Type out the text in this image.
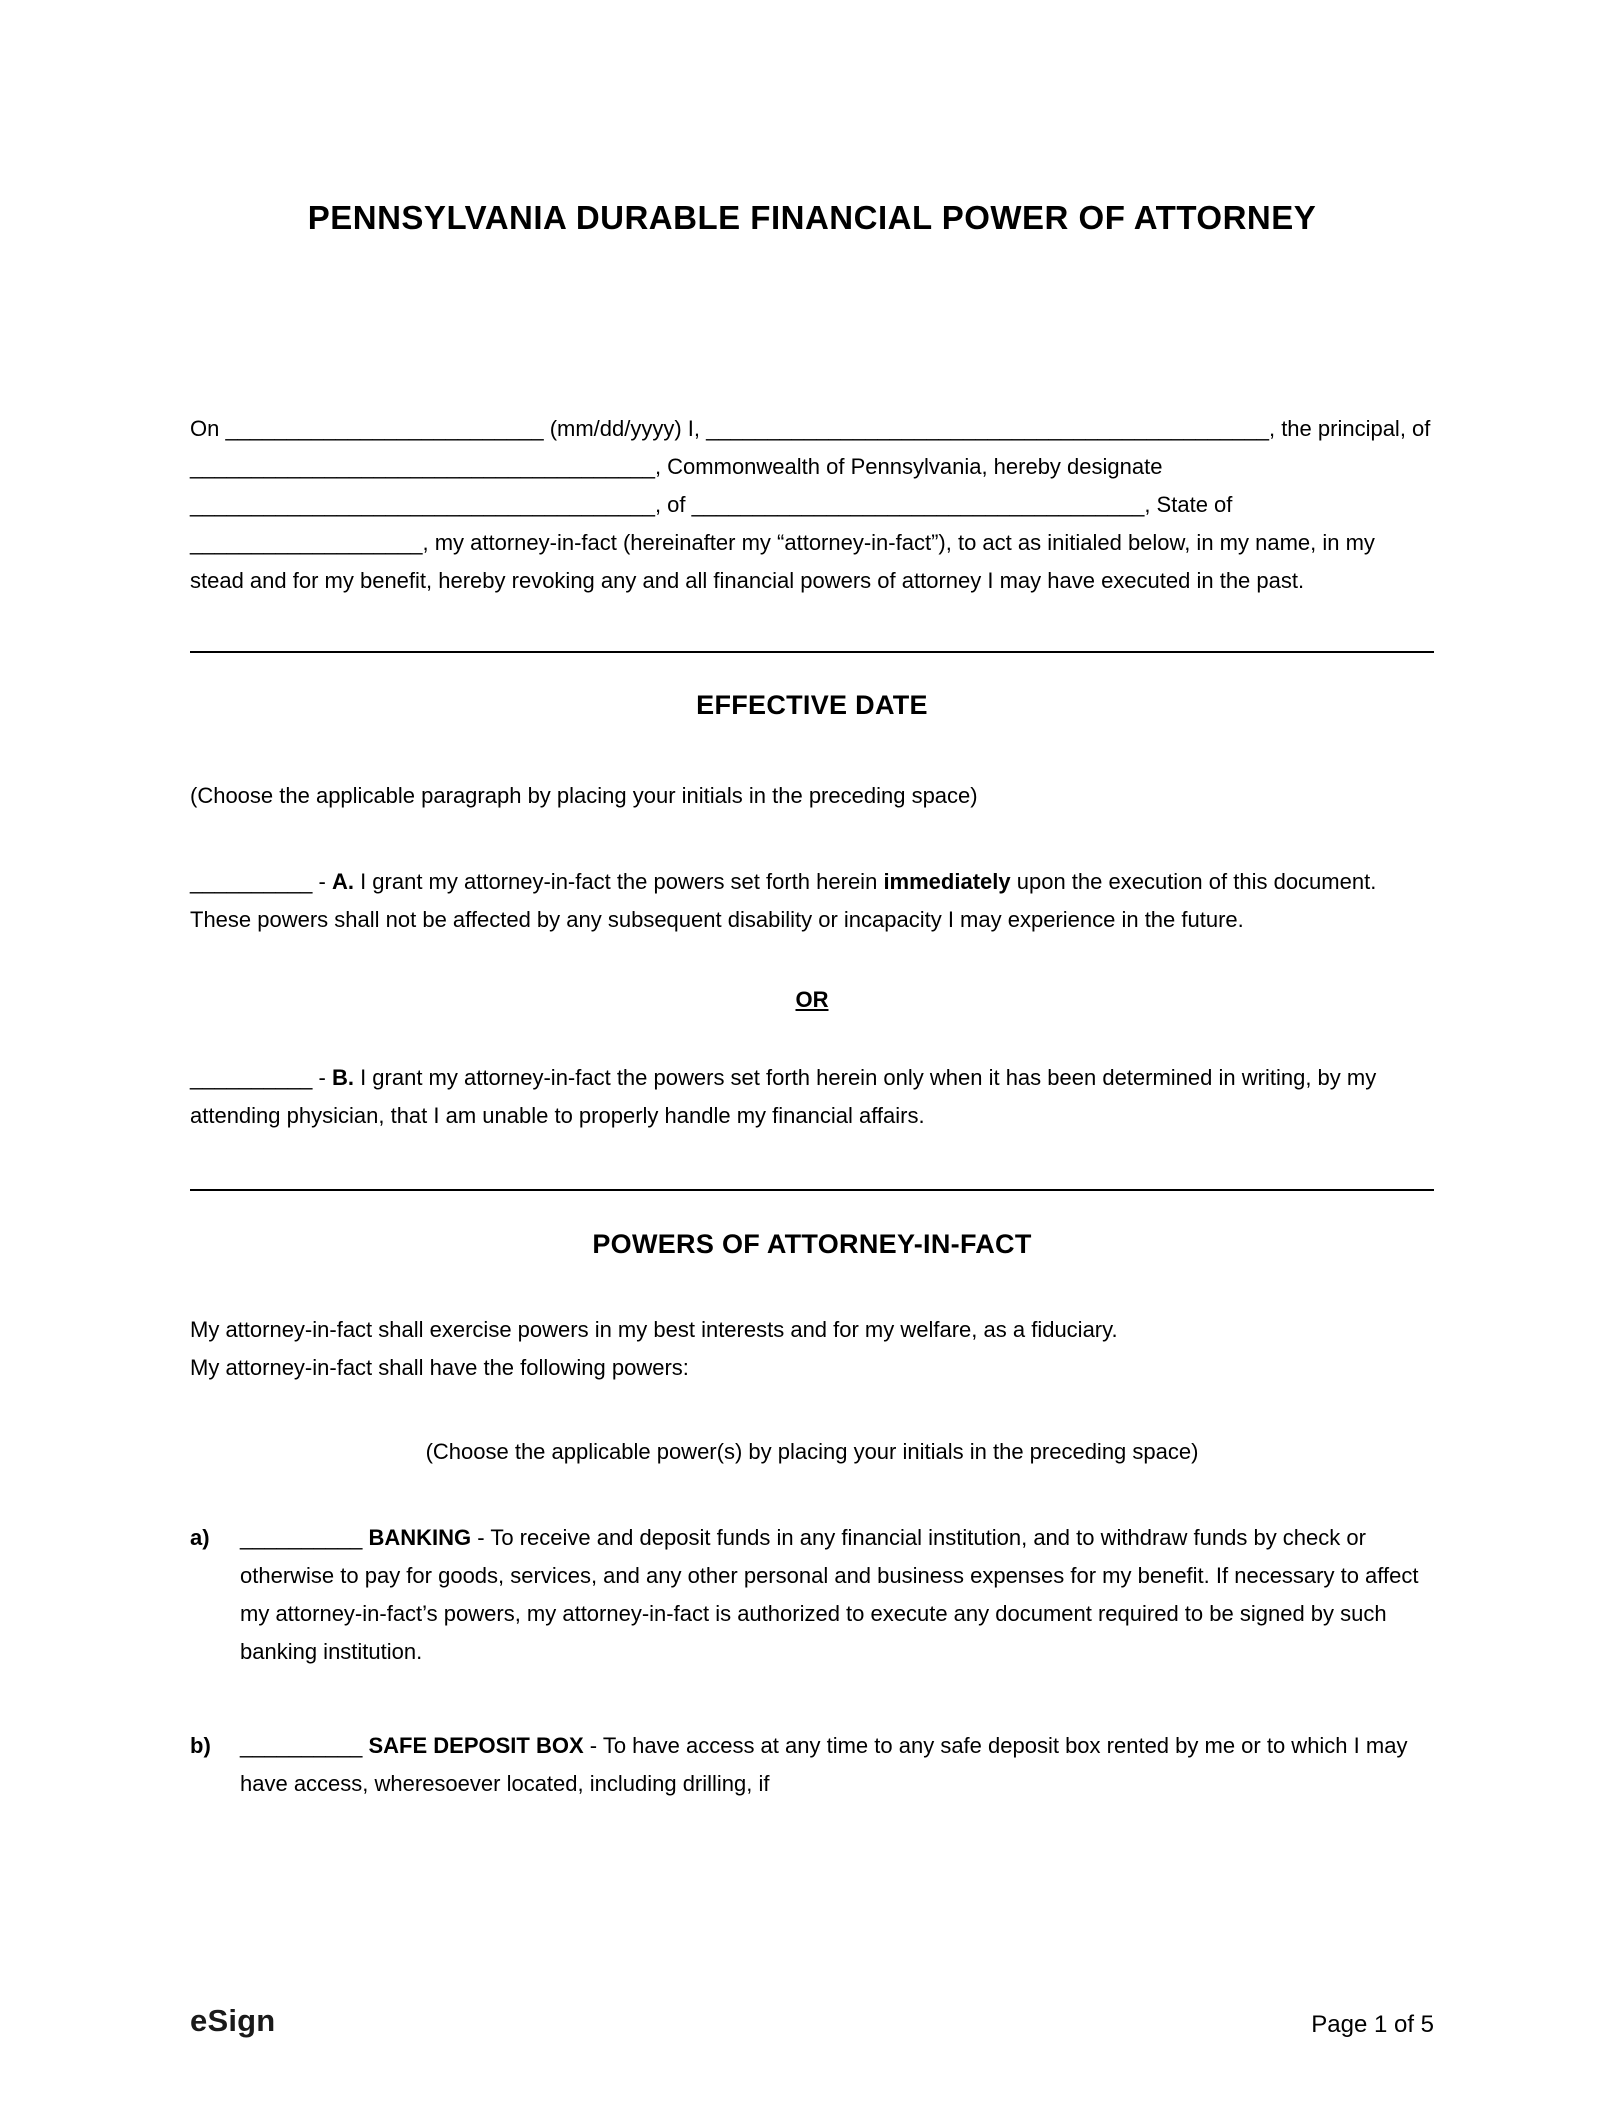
PENNSYLVANIA DURABLE FINANCIAL POWER OF ATTORNEY

On __________________________ (mm/dd/yyyy) I, ______________________________________________, the principal, of ______________________________________, Commonwealth of Pennsylvania, hereby designate ______________________________________, of _____________________________________, State of ___________________, my attorney-in-fact (hereinafter my “attorney-in-fact”), to act as initialed below, in my name, in my stead and for my benefit, hereby revoking any and all financial powers of attorney I may have executed in the past.

EFFECTIVE DATE

(Choose the applicable paragraph by placing your initials in the preceding space)

__________ - A. I grant my attorney-in-fact the powers set forth herein immediately upon the execution of this document. These powers shall not be affected by any subsequent disability or incapacity I may experience in the future.

OR

__________ - B. I grant my attorney-in-fact the powers set forth herein only when it has been determined in writing, by my attending physician, that I am unable to properly handle my financial affairs.

POWERS OF ATTORNEY-IN-FACT

My attorney-in-fact shall exercise powers in my best interests and for my welfare, as a fiduciary.
My attorney-in-fact shall have the following powers:

(Choose the applicable power(s) by placing your initials in the preceding space)

a) __________ BANKING - To receive and deposit funds in any financial institution, and to withdraw funds by check or otherwise to pay for goods, services, and any other personal and business expenses for my benefit. If necessary to affect my attorney-in-fact’s powers, my attorney-in-fact is authorized to execute any document required to be signed by such banking institution.
b) __________ SAFE DEPOSIT BOX - To have access at any time to any safe deposit box rented by me or to which I may have access, wheresoever located, including drilling, if
eSign	Page 1 of 5
